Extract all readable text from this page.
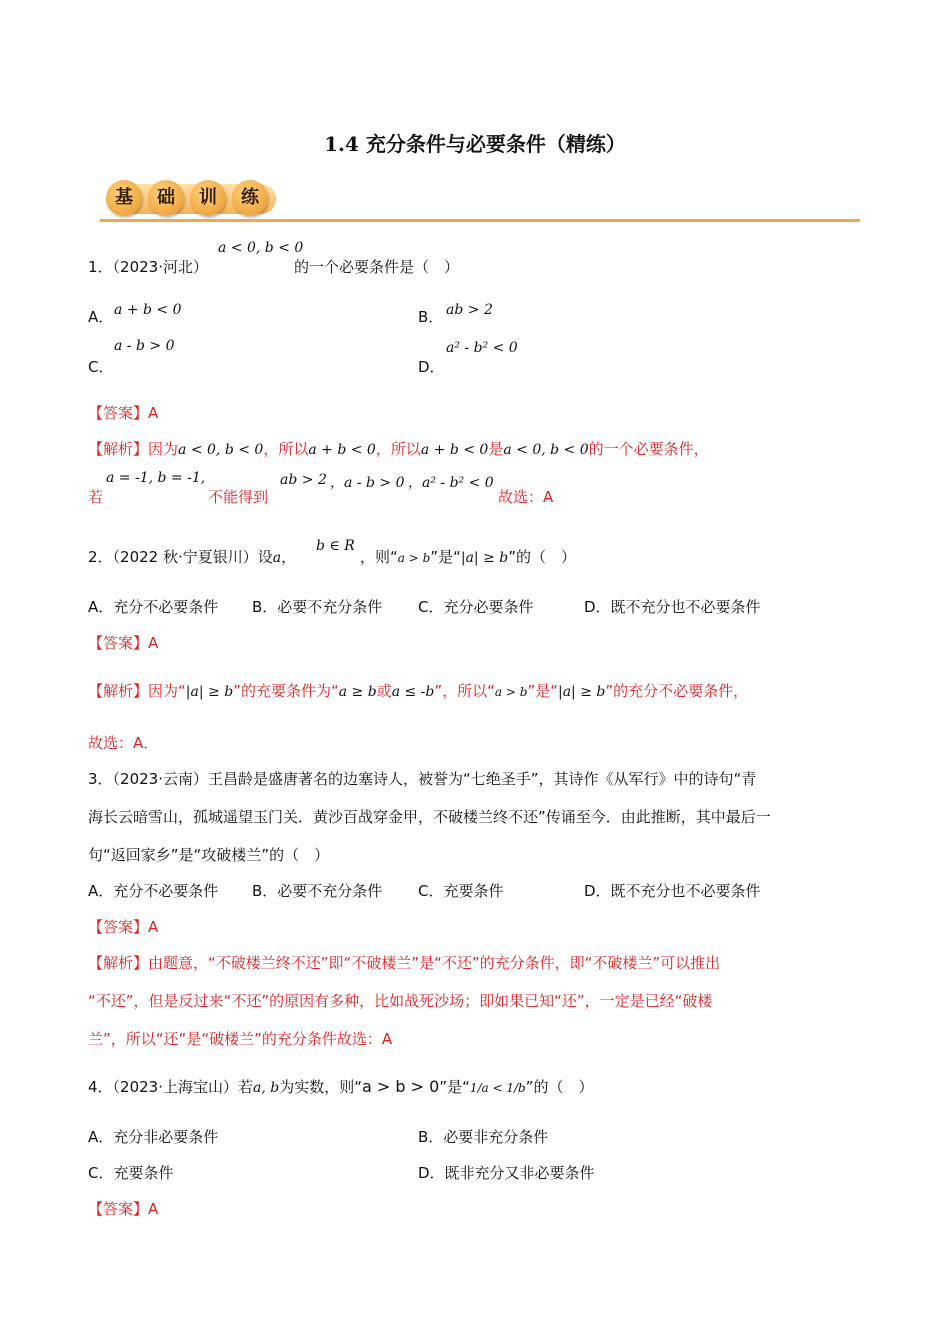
1.4 充分条件与必要条件（精练）
基	础	训	练
1．（2023·河北）
a < 0, b < 0
的一个必要条件是（　）
A． a + b < 0	B． ab > 2
C．
a - b > 0
D．
a² - b² < 0
【答案】A
【解析】因为a < 0, b < 0，所以a + b < 0，所以a + b < 0是a < 0, b < 0的一个必要条件，
若
a = -1, b = -1,
不能得到
ab > 2 ，a - b > 0 ，a² - b² < 0
故选：A
2．（2022 秋·宁夏银川）设a，
b ∈ R
，则“a > b”是“|a| ≥ b”的（　）
A．充分不必要条件 B．必要不充分条件 C．充分必要条件	D．既不充分也不必要条件
【答案】A
【解析】因为“|a| ≥ b”的充要条件为“a ≥ b或a ≤ -b”，所以“a > b”是“|a| ≥ b”的充分不必要条件，
故选：A．
3．（2023·云南）王昌龄是盛唐著名的边塞诗人，被誉为“七绝圣手”，其诗作《从军行》中的诗句“青
海长云暗雪山，孤城遥望玉门关．黄沙百战穿金甲，不破楼兰终不还”传诵至今．由此推断，其中最后一
句“返回家乡”是“攻破楼兰”的（　）
A．充分不必要条件 B．必要不充分条件 C．充要条件	D．既不充分也不必要条件
【答案】A
【解析】由题意，“不破楼兰终不还”即“不破楼兰”是“不还”的充分条件，即“不破楼兰”可以推出
“不还”，但是反过来“不还”的原因有多种，比如战死沙场；即如果已知“还”，一定是已经“破楼
兰”，所以“还”是“破楼兰”的充分条件故选：A
4．（2023·上海宝山）若a, b为实数，则“a > b > 0”是“1/a < 1/b”的（　）
A．充分非必要条件	B．必要非充分条件
C．充要条件	D．既非充分又非必要条件
【答案】A
